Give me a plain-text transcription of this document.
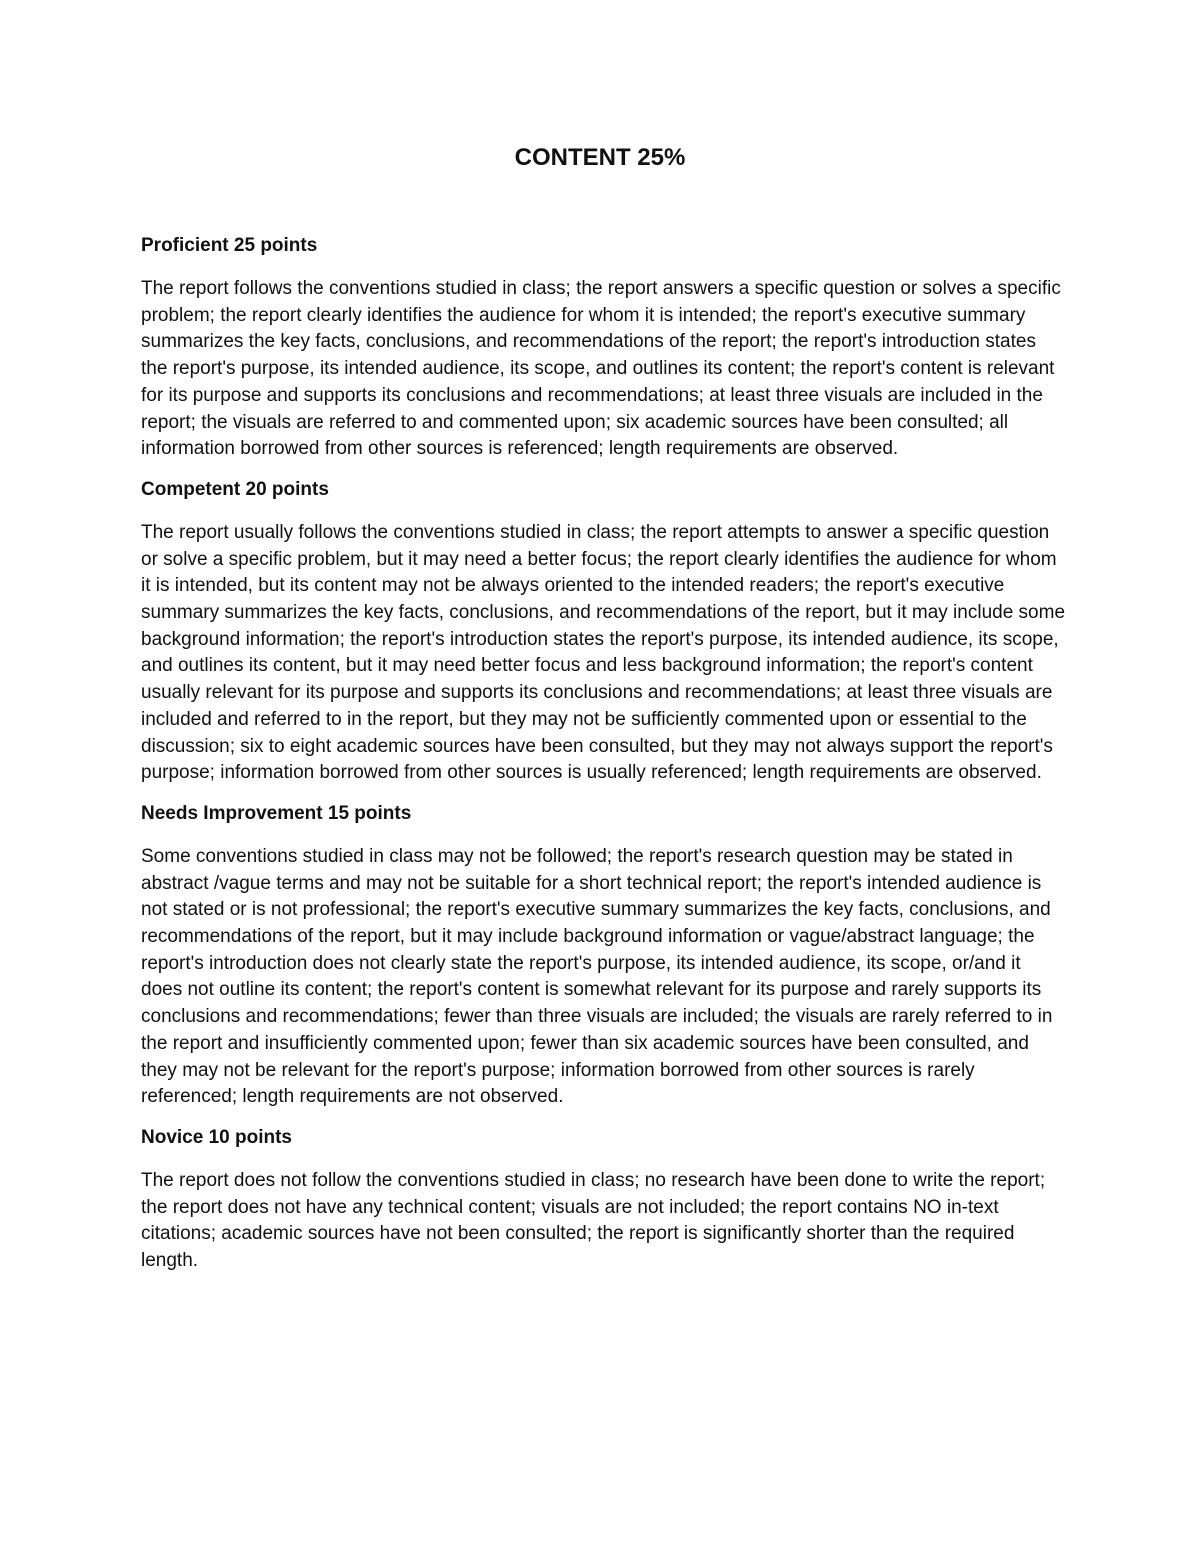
CONTENT 25%

Proficient 25 points

The report follows the conventions studied in class; the report answers a specific question or solves a specific problem; the report clearly identifies the audience for whom it is intended; the report's executive summary summarizes the key facts, conclusions, and recommendations of the report; the report's introduction states the report's purpose, its intended audience, its scope, and outlines its content; the report's content is relevant for its purpose and supports its conclusions and recommendations; at least three visuals are included in the report; the visuals are referred to and commented upon; six academic sources have been consulted; all information borrowed from other sources is referenced; length requirements are observed.

Competent 20 points

The report usually follows the conventions studied in class; the report attempts to answer a specific question or solve a specific problem, but it may need a better focus; the report clearly identifies the audience for whom it is intended, but its content may not be always oriented to the intended readers; the report's executive summary summarizes the key facts, conclusions, and recommendations of the report, but it may include some background information; the report's introduction states the report's purpose, its intended audience, its scope, and outlines its content, but it may need better focus and less background information; the report's content usually relevant for its purpose and supports its conclusions and recommendations; at least three visuals are included and referred to in the report, but they may not be sufficiently commented upon or essential to the discussion; six to eight academic sources have been consulted, but they may not always support the report's purpose; information borrowed from other sources is usually referenced; length requirements are observed.

Needs Improvement 15 points

Some conventions studied in class may not be followed; the report's research question may be stated in abstract /vague terms and may not be suitable for a short technical report; the report's intended audience is not stated or is not professional; the report's executive summary summarizes the key facts, conclusions, and recommendations of the report, but it may include background information or vague/abstract language; the report's introduction does not clearly state the report's purpose, its intended audience, its scope, or/and it does not outline its content; the report's content is somewhat relevant for its purpose and rarely supports its conclusions and recommendations; fewer than three visuals are included; the visuals are rarely referred to in the report and insufficiently commented upon; fewer than six academic sources have been consulted, and they may not be relevant for the report's purpose; information borrowed from other sources is rarely referenced; length requirements are not observed.

Novice 10 points

The report does not follow the conventions studied in class; no research have been done to write the report; the report does not have any technical content; visuals are not included; the report contains NO in-text citations; academic sources have not been consulted; the report is significantly shorter than the required length.
